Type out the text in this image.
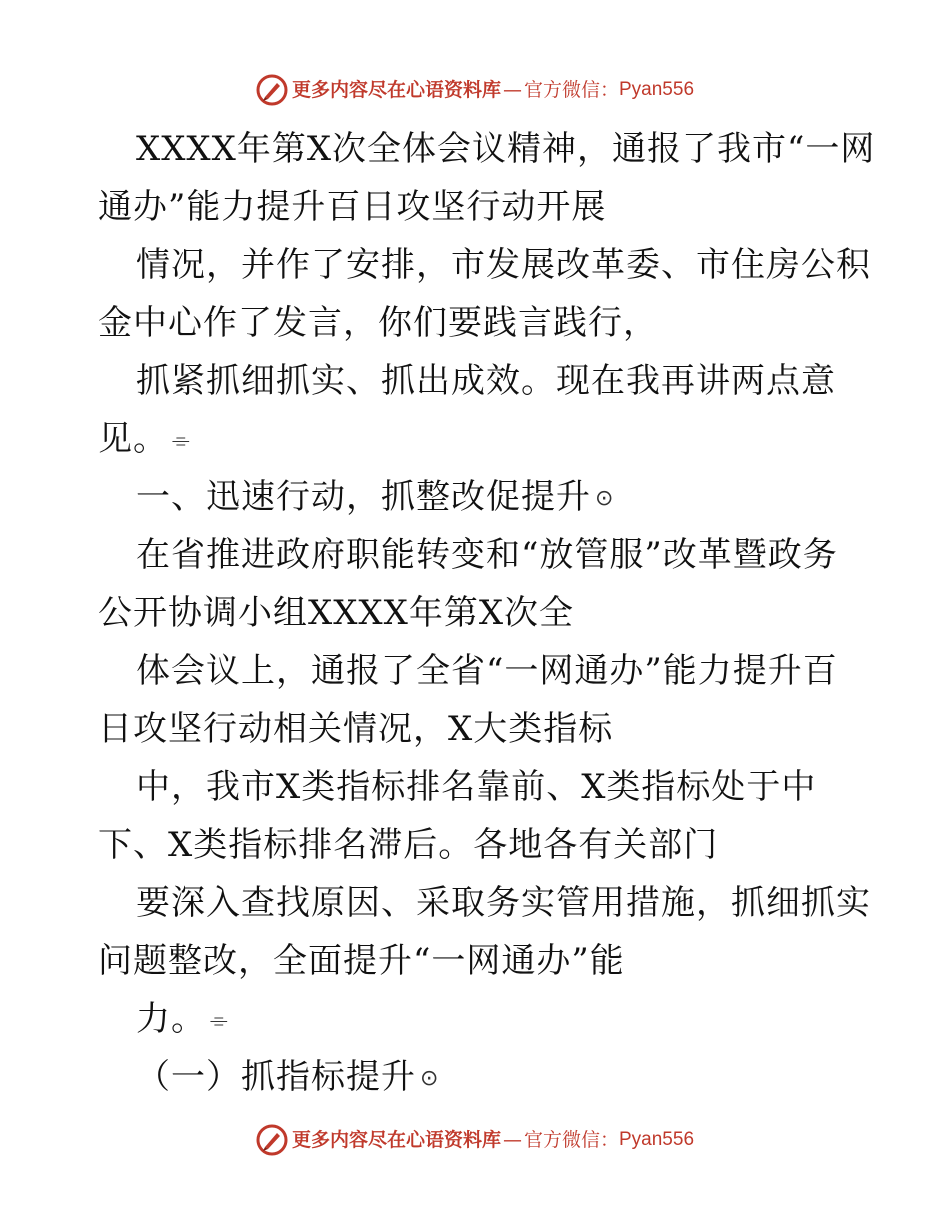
更多内容尽在心语资料库 — 官方微信： Pyan556
XXXX年第X次全体会议精神，通报了我市“一网
通办”能力提升百日攻坚行动开展
情况，并作了安排，市发展改革委、市住房公积
金中心作了发言，你们要践言践行，
抓紧抓细抓实、抓出成效。现在我再讲两点意
见。 ⌯
一、迅速行动，抓整改促提升 ⊙
在省推进政府职能转变和“放管服”改革暨政务
公开协调小组XXXX年第X次全
体会议上，通报了全省“一网通办”能力提升百
日攻坚行动相关情况，X大类指标
中，我市X类指标排名靠前、X类指标处于中
下、X类指标排名滞后。各地各有关部门
要深入查找原因、采取务实管用措施，抓细抓实
问题整改，全面提升“一网通办”能
力。 ⌯
（一）抓指标提升 ⊙
更多内容尽在心语资料库 — 官方微信： Pyan556
